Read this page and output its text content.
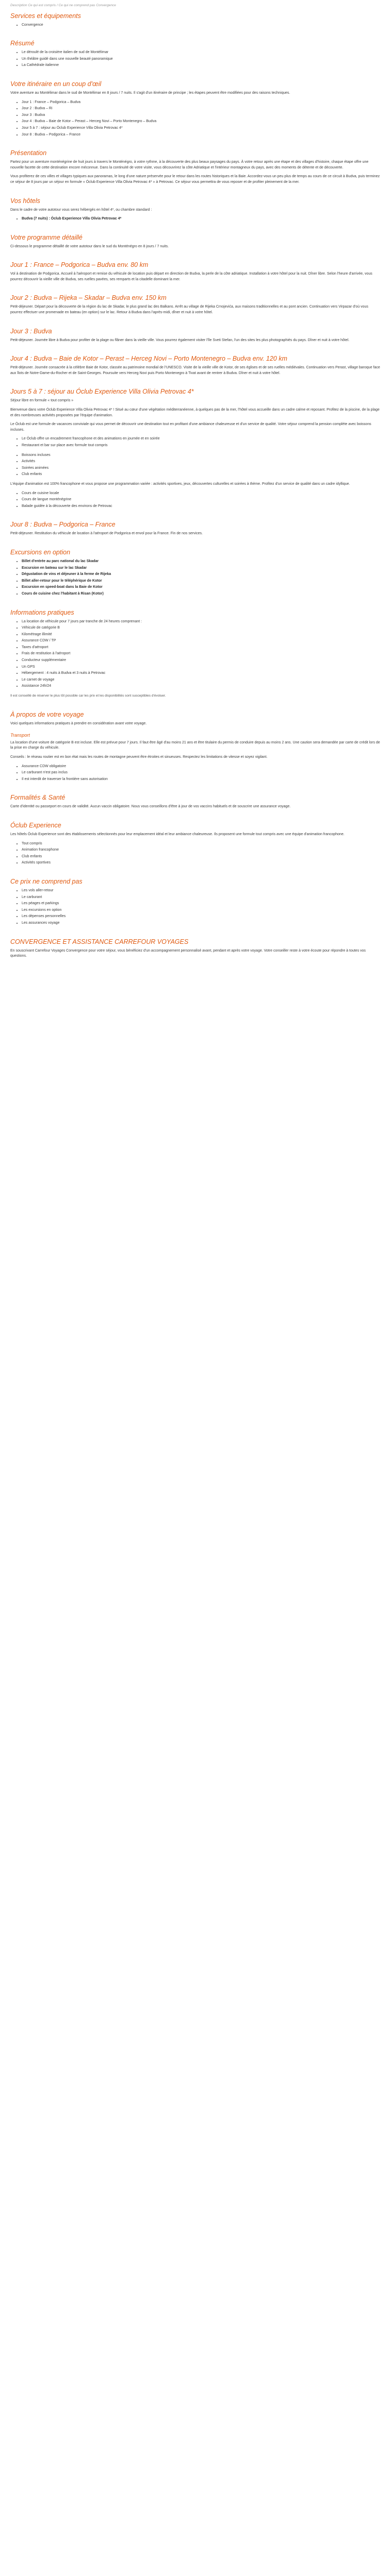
Description Ce qui est compris / Ce qui ne comprend pas Convergence
Services et équipements
• Convergence
Résumé
• Le déroulé de la croisière italien de sud de Montélimar
• Un théâtre guidé dans une nouvelle beauté panoramique
• La Cathédrale italienne
Votre itinéraire en un coup d'œil

Votre aventure au Montélimar dans le sud de Montélimar en 8 jours / 7 nuits. Il s'agit d'un itinéraire de principe ; les étapes peuvent être modifiées pour des raisons techniques.

• Jour 1 : France – Podgorica – Budva
• Jour 2 : Budva – Ri
• Jour 3 : Budva
• Jour 4 : Budva – Baie de Kotor – Perast – Herceg Novi – Porto Montenegro – Budva
• Jour 5 à 7 : séjour au Óclub Experience Villa Olivia Petrovac 4*
• Jour 8 : Budva – Podgorica – France
Présentation

Partez pour un aventure monténégrine de huit jours à travers le Monténégro, à votre rythme, à la découverte des plus beaux paysages du pays. À votre retour après une étape et des villages d'histoire, chaque étape offre une nouvelle facette de cette destination encore méconnue. Dans la continuité de votre visite, vous découvrirez la côte Adriatique et l'intérieur montagneux du pays, avec des moments de détente et de découverte.

Vous profiterez de ces villes et villages typiques aux panoramas, le long d'une nature préservée pour le retour dans les routes historiques et la Baie. Accordez-vous un peu plus de temps au cours de ce circuit à Budva, puis terminez ce séjour de 8 jours par un séjour en formule « Óclub Experience Villa Olivia Petrovac 4* » à Petrovac. Ce séjour vous permettra de vous reposer et de profiter pleinement de la mer.

Vos hôtels

Dans le cadre de votre autotour vous serez hébergés en hôtel 4*, ou chambre standard :

• Budva (7 nuits) : Óclub Experience Villa Olivia Petrovac 4*
Votre programme détaillé

Ci-dessous le programme détaillé de votre autotour dans le sud du Monténégro en 8 jours / 7 nuits.

Jour 1 : France – Podgorica – Budva env. 80 km

Vol à destination de Podgorica. Accueil à l'aéroport et remise du véhicule de location puis départ en direction de Budva, la perle de la côte adriatique. Installation à votre hôtel pour la nuit. Dîner libre. Selon l'heure d'arrivée, vous pourrez découvrir la vieille ville de Budva, ses ruelles pavées, ses remparts et la citadelle dominant la mer.

Jour 2 : Budva – Rijeka – Skadar – Budva env. 150 km

Petit-déjeuner. Départ pour la découverte de la région du lac de Skadar, le plus grand lac des Balkans. Arrêt au village de Rijeka Crnojevića, aux maisons traditionnelles et au pont ancien. Continuation vers Virpazar d'où vous pourrez effectuer une promenade en bateau (en option) sur le lac. Retour à Budva dans l'après-midi, dîner et nuit à votre hôtel.

Jour 3 : Budva

Petit-déjeuner. Journée libre à Budva pour profiter de la plage ou flâner dans la vieille ville. Vous pourrez également visiter l'île Sveti Stefan, l'un des sites les plus photographiés du pays. Dîner et nuit à votre hôtel.

Jour 4 : Budva – Baie de Kotor – Perast – Herceg Novi – Porto Montenegro – Budva env. 120 km

Petit-déjeuner. Journée consacrée à la célèbre Baie de Kotor, classée au patrimoine mondial de l'UNESCO. Visite de la vieille ville de Kotor, de ses églises et de ses ruelles médiévales. Continuation vers Perast, village baroque face aux îlots de Notre-Dame-du-Rocher et de Saint-Georges. Poursuite vers Herceg Novi puis Porto Montenegro à Tivat avant de rentrer à Budva. Dîner et nuit à votre hôtel.

Jours 5 à 7 : séjour au Óclub Experience Villa Olivia Petrovac 4*

Séjour libre en formule « tout compris »

Bienvenue dans votre Óclub Experience Villa Olivia Petrovac 4* ! Situé au cœur d'une végétation méditerranéenne, à quelques pas de la mer, l'hôtel vous accueille dans un cadre calme et reposant. Profitez de la piscine, de la plage et des nombreuses activités proposées par l'équipe d'animation.

Le Óclub est une formule de vacances conviviale qui vous permet de découvrir une destination tout en profitant d'une ambiance chaleureuse et d'un service de qualité. Votre séjour comprend la pension complète avec boissons incluses.

• Le Óclub offre un encadrement francophone et des animations en journée et en soirée
• Restaurant et bar sur place avec formule tout compris
• Boissons incluses
• Activités
• Soirées animées
• Club enfants

L'équipe d'animation est 100% francophone et vous propose une programmation variée : activités sportives, jeux, découvertes culturelles et soirées à thème. Profitez d'un service de qualité dans un cadre idyllique.

• Cours de cuisine locale
• Cours de langue monténégrine
• Balade guidée à la découverte des environs de Petrovac
Jour 8 : Budva – Podgorica – France

Petit-déjeuner. Restitution du véhicule de location à l'aéroport de Podgorica et envol pour la France. Fin de nos services.

Excursions en option
• Billet d'entrée au parc national du lac Skadar
• Excursion en bateau sur le lac Skadar
• Dégustation de vins et déjeuner à la ferme de Rijeka
• Billet aller-retour pour le téléphérique de Kotor
• Excursion en speed-boat dans la Baie de Kotor
• Cours de cuisine chez l'habitant à Risan (Kotor)
Informations pratiques
• La location de véhicule pour 7 jours par tranche de 24 heures comprenant :
• Véhicule de catégorie B
• Kilométrage illimité
• Assurance CDW / TP
• Taxes d'aéroport
• Frais de restitution à l'aéroport
• Conducteur supplémentaire
• Un GPS
• Hébergement : 4 nuits à Budva et 3 nuits à Petrovac
• Le carnet de voyage
• Assistance 24h/24

Il est conseillé de réserver le plus tôt possible car les prix et les disponibilités sont susceptibles d'évoluer.

À propos de votre voyage

Voici quelques informations pratiques à prendre en considération avant votre voyage.

Transport

La location d'une voiture de catégorie B est incluse. Elle est prévue pour 7 jours. Il faut être âgé d'au moins 21 ans et être titulaire du permis de conduire depuis au moins 2 ans. Une caution sera demandée par carte de crédit lors de la prise en charge du véhicule.

Conseils : le réseau routier est en bon état mais les routes de montagne peuvent être étroites et sinueuses. Respectez les limitations de vitesse et soyez vigilant.

• Assurance CDW obligatoire
• Le carburant n'est pas inclus
• Il est interdit de traverser la frontière sans autorisation
Formalités & Santé

Carte d'identité ou passeport en cours de validité. Aucun vaccin obligatoire. Nous vous conseillons d'être à jour de vos vaccins habituels et de souscrire une assurance voyage.

Óclub Experience

Les hôtels Óclub Experience sont des établissements sélectionnés pour leur emplacement idéal et leur ambiance chaleureuse. Ils proposent une formule tout compris avec une équipe d'animation francophone.

• Tout compris
• Animation francophone
• Club enfants
• Activités sportives
Ce prix ne comprend pas
• Les vols aller-retour
• Le carburant
• Les péages et parkings
• Les excursions en option
• Les dépenses personnelles
• Les assurances voyage
CONVERGENCE ET ASSISTANCE CARREFOUR VOYAGES

En souscrivant Carrefour Voyages Convergence pour votre séjour, vous bénéficiez d'un accompagnement personnalisé avant, pendant et après votre voyage. Votre conseiller reste à votre écoute pour répondre à toutes vos questions.
